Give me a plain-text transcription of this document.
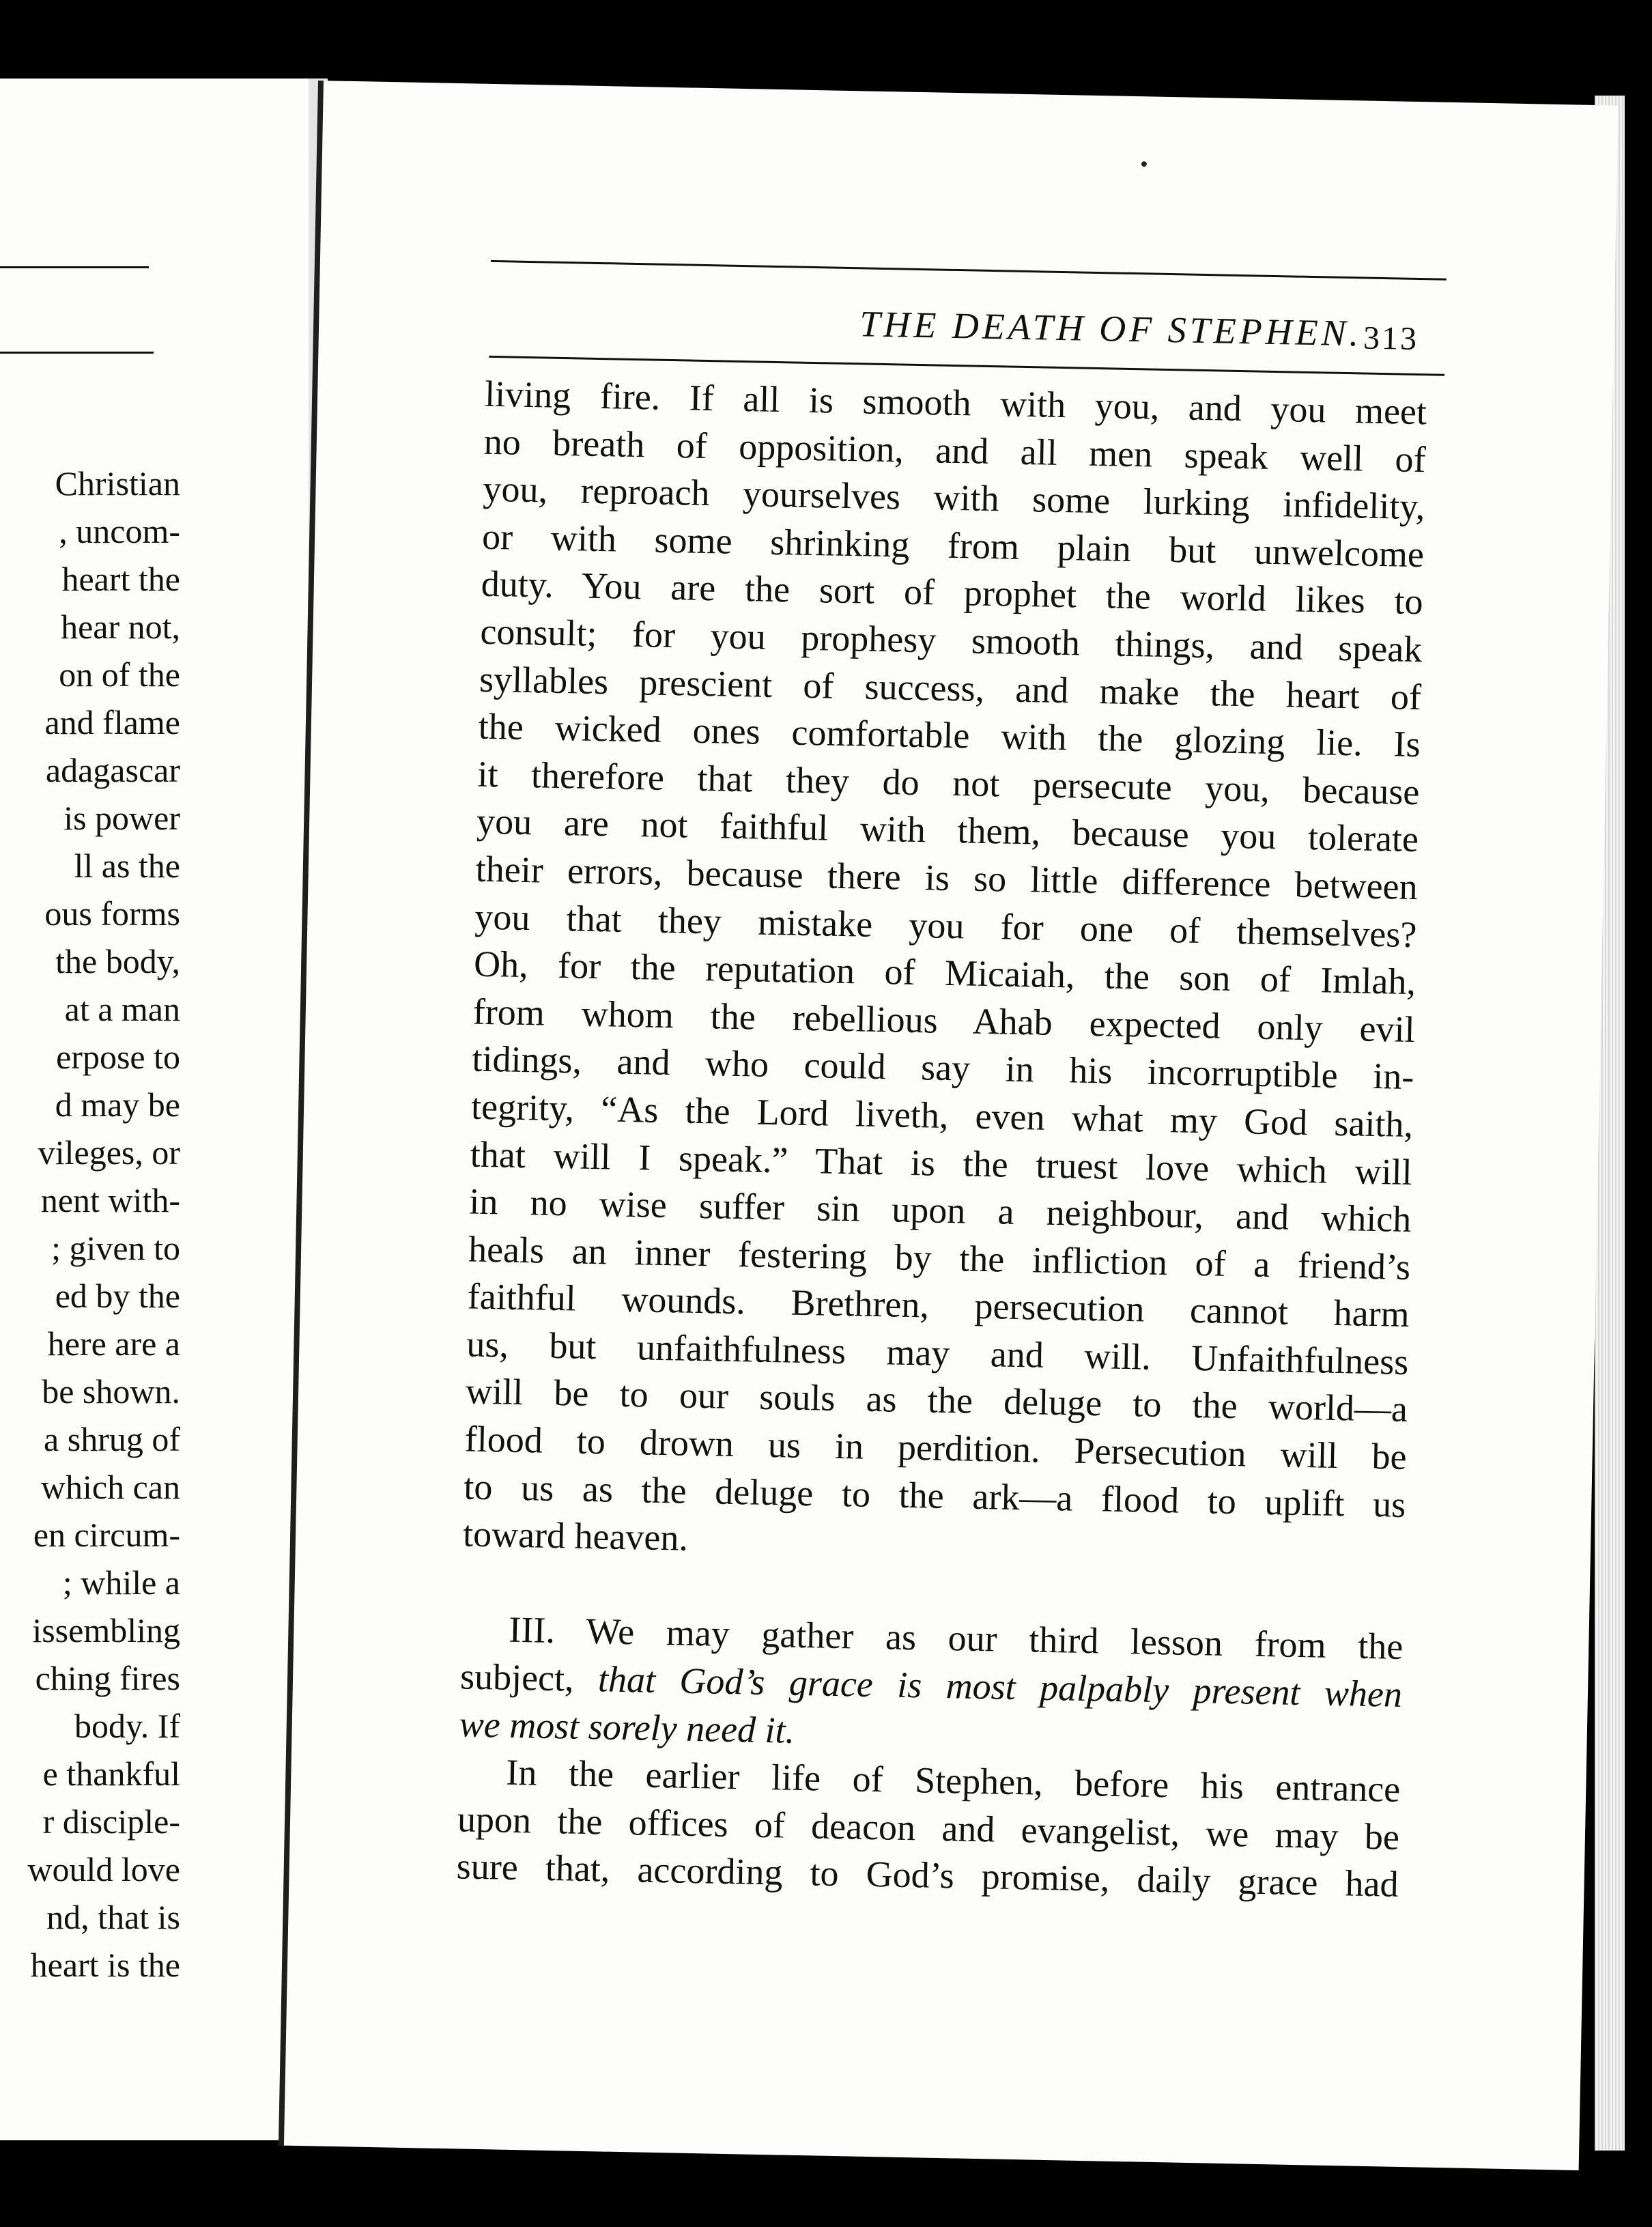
Christian
, uncom-
heart the
hear not,
on of the
and flame
adagascar
is power
ll as the
ous forms
the body,
at a man
erpose to
d may be
vileges, or
nent with-
; given to
ed by the
here are a
be shown.
a shrug of
which can
en circum-
; while a
issembling
ching fires
body. If
e thankful
r disciple-
would love
nd, that is
heart is the
THE DEATH OF STEPHEN. 313
living fire. If all is smooth with you, and you meet
no breath of opposition, and all men speak well of
you, reproach yourselves with some lurking infidelity,
or with some shrinking from plain but unwelcome
duty. You are the sort of prophet the world likes to
consult; for you prophesy smooth things, and speak
syllables prescient of success, and make the heart of
the wicked ones comfortable with the glozing lie. Is
it therefore that they do not persecute you, because
you are not faithful with them, because you tolerate
their errors, because there is so little difference between
you that they mistake you for one of themselves?
Oh, for the reputation of Micaiah, the son of Imlah,
from whom the rebellious Ahab expected only evil
tidings, and who could say in his incorruptible in-
tegrity, “As the Lord liveth, even what my God saith,
that will I speak.” That is the truest love which will
in no wise suffer sin upon a neighbour, and which
heals an inner festering by the infliction of a friend’s
faithful wounds. Brethren, persecution cannot harm
us, but unfaithfulness may and will. Unfaithfulness
will be to our souls as the deluge to the world—a
flood to drown us in perdition. Persecution will be
to us as the deluge to the ark—a flood to uplift us
toward heaven.
III. We may gather as our third lesson from the
subject, that God’s grace is most palpably present when
we most sorely need it.
In the earlier life of Stephen, before his entrance
upon the offices of deacon and evangelist, we may be
sure that, according to God’s promise, daily grace had
